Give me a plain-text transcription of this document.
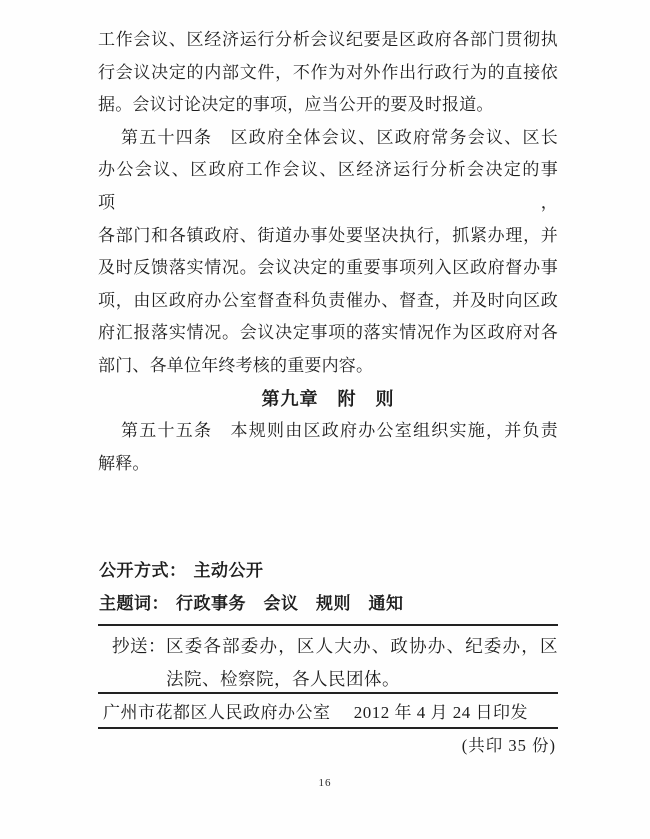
工作会议、区经济运行分析会议纪要是区政府各部门贯彻执
行会议决定的内部文件，不作为对外作出行政行为的直接依
据。会议讨论决定的事项，应当公开的要及时报道。
第五十四条　区政府全体会议、区政府常务会议、区长
办公会议、区政府工作会议、区经济运行分析会决定的事项，
各部门和各镇政府、街道办事处要坚决执行，抓紧办理，并
及时反馈落实情况。会议决定的重要事项列入区政府督办事
项，由区政府办公室督查科负责催办、督查，并及时向区政
府汇报落实情况。会议决定事项的落实情况作为区政府对各
部门、各单位年终考核的重要内容。
第九章　附　则
第五十五条　本规则由区政府办公室组织实施，并负责
解释。
公开方式： 主动公开
主题词： 行政事务　会议　规则　通知
抄送： 区委各部委办，区人大办、政协办、纪委办，区
法院、检察院，各人民团体。
广州市花都区人民政府办公室 2012 年 4 月 24 日印发
(共印 35 份)
16
